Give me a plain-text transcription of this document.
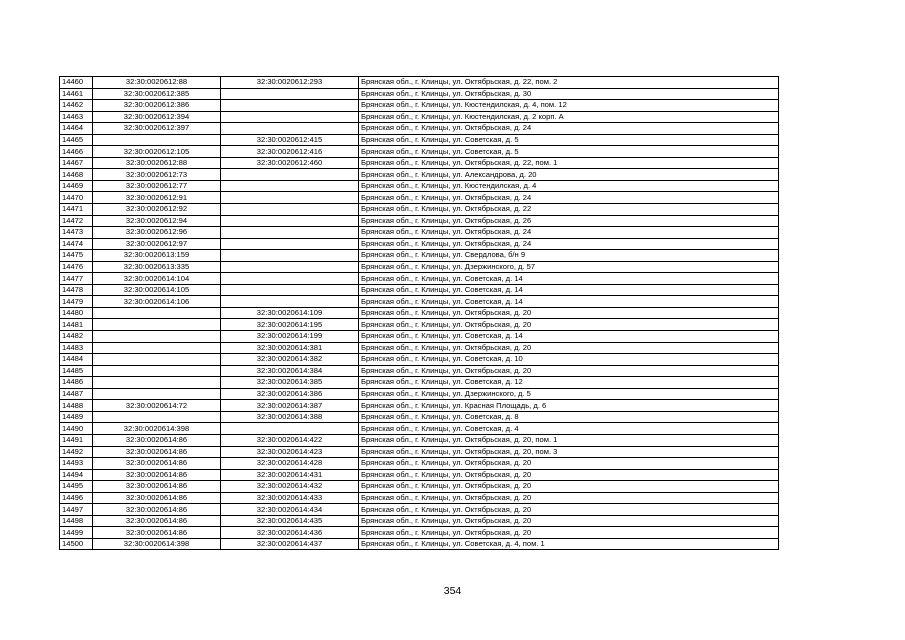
14460	32:30:0020612:88	32:30:0020612:293	Брянская обл., г. Клинцы, ул. Октябрьская, д. 22, пом. 2
14461	32:30:0020612:385		Брянская обл., г. Клинцы, ул. Октябрьская, д. 30
14462	32:30:0020612:386		Брянская обл., г. Клинцы, ул. Кюстендилская, д. 4, пом. 12
14463	32:30:0020612:394		Брянская обл., г. Клинцы, ул. Кюстендилская, д. 2 корп. А
14464	32:30:0020612:397		Брянская обл., г. Клинцы, ул. Октябрьская, д. 24
14465		32:30:0020612:415	Брянская обл., г. Клинцы, ул. Советская, д. 5
14466	32:30:0020612:105	32:30:0020612:416	Брянская обл., г. Клинцы, ул. Советская, д. 5
14467	32:30:0020612:88	32:30:0020612:460	Брянская обл., г. Клинцы, ул. Октябрьская, д. 22, пом. 1
14468	32:30:0020612:73		Брянская обл., г. Клинцы, ул. Александрова, д. 20
14469	32:30:0020612:77		Брянская обл., г. Клинцы, ул. Кюстендилская, д. 4
14470	32:30:0020612:91		Брянская обл., г. Клинцы, ул. Октябрьская, д. 24
14471	32:30:0020612:92		Брянская обл., г. Клинцы, ул. Октябрьская, д. 22
14472	32:30:0020612:94		Брянская обл., г. Клинцы, ул. Октябрьская, д. 26
14473	32:30:0020612:96		Брянская обл., г. Клинцы, ул. Октябрьская, д. 24
14474	32:30:0020612:97		Брянская обл., г. Клинцы, ул. Октябрьская, д. 24
14475	32:30:0020613:159		Брянская обл., г. Клинцы, ул. Свердлова, б/н 9
14476	32:30:0020613:335		Брянская обл., г. Клинцы, ул. Дзержинского, д. 57
14477	32:30:0020614:104		Брянская обл., г. Клинцы, ул. Советская, д. 14
14478	32:30:0020614:105		Брянская обл., г. Клинцы, ул. Советская, д. 14
14479	32:30:0020614:106		Брянская обл., г. Клинцы, ул. Советская, д. 14
14480		32:30:0020614:109	Брянская обл., г. Клинцы, ул. Октябрьская, д. 20
14481		32:30:0020614:195	Брянская обл., г. Клинцы, ул. Октябрьская, д. 20
14482		32:30:0020614:199	Брянская обл., г. Клинцы, ул. Советская, д. 14
14483		32:30:0020614:381	Брянская обл., г. Клинцы, ул. Октябрьская, д. 20
14484		32:30:0020614:382	Брянская обл., г. Клинцы, ул. Советская, д. 10
14485		32:30:0020614:384	Брянская обл., г. Клинцы, ул. Октябрьская, д. 20
14486		32:30:0020614:385	Брянская обл., г. Клинцы, ул. Советская, д. 12
14487		32:30:0020614:386	Брянская обл., г. Клинцы, ул. Дзержинского, д. 5
14488	32:30:0020614:72	32:30:0020614:387	Брянская обл., г. Клинцы, ул. Красная Площадь, д. 6
14489		32:30:0020614:388	Брянская обл., г. Клинцы, ул. Советская, д. 8
14490	32:30:0020614:398		Брянская обл., г. Клинцы, ул. Советская, д. 4
14491	32:30:0020614:86	32:30:0020614:422	Брянская обл., г. Клинцы, ул. Октябрьская, д. 20, пом. 1
14492	32:30:0020614:86	32:30:0020614:423	Брянская обл., г. Клинцы, ул. Октябрьская, д. 20, пом. 3
14493	32:30:0020614:86	32:30:0020614:428	Брянская обл., г. Клинцы, ул. Октябрьская, д. 20
14494	32:30:0020614:86	32:30:0020614:431	Брянская обл., г. Клинцы, ул. Октябрьская, д. 20
14495	32:30:0020614:86	32:30:0020614:432	Брянская обл., г. Клинцы, ул. Октябрьская, д. 20
14496	32:30:0020614:86	32:30:0020614:433	Брянская обл., г. Клинцы, ул. Октябрьская, д. 20
14497	32:30:0020614:86	32:30:0020614:434	Брянская обл., г. Клинцы, ул. Октябрьская, д. 20
14498	32:30:0020614:86	32:30:0020614:435	Брянская обл., г. Клинцы, ул. Октябрьская, д. 20
14499	32:30:0020614:86	32:30:0020614:436	Брянская обл., г. Клинцы, ул. Октябрьская, д. 20
14500	32:30:0020614:398	32:30:0020614:437	Брянская обл., г. Клинцы, ул. Советская, д. 4, пом. 1
354
